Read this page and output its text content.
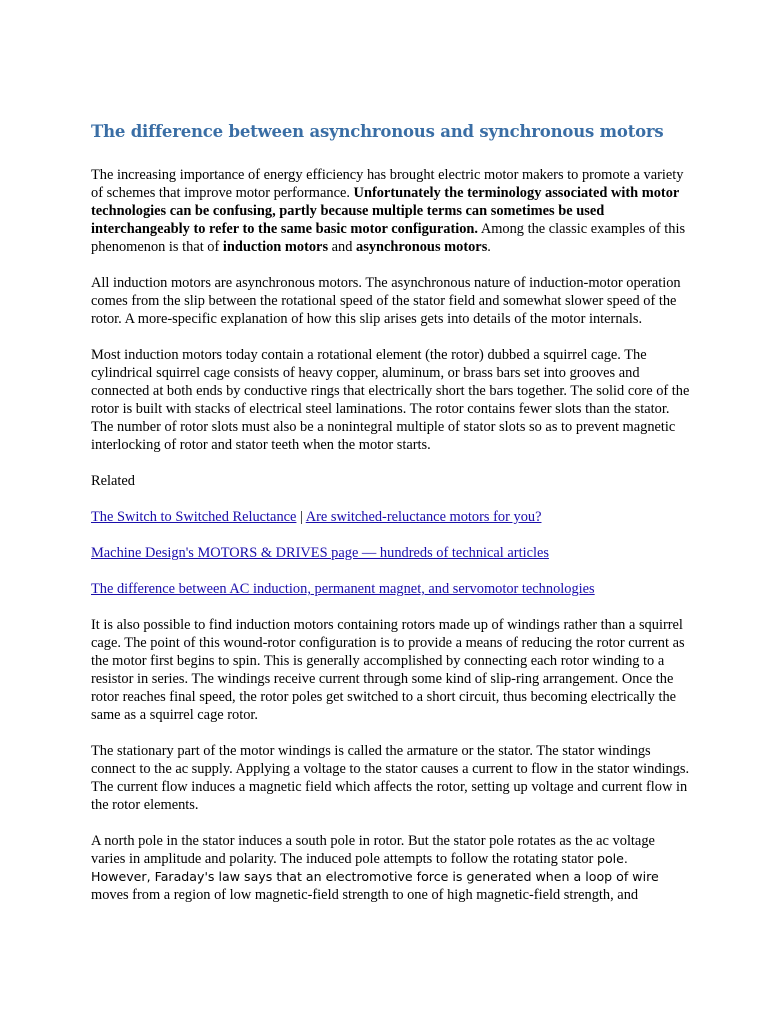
The difference between asynchronous and synchronous motors

The increasing importance of energy efficiency has brought electric motor makers to promote a variety of schemes that improve motor performance. Unfortunately the terminology associated with motor technologies can be confusing, partly because multiple terms can sometimes be used interchangeably to refer to the same basic motor configuration. Among the classic examples of this phenomenon is that of induction motors and asynchronous motors.

All induction motors are asynchronous motors. The asynchronous nature of induction-motor operation comes from the slip between the rotational speed of the stator field and somewhat slower speed of the rotor. A more-specific explanation of how this slip arises gets into details of the motor internals.

Most induction motors today contain a rotational element (the rotor) dubbed a squirrel cage. The cylindrical squirrel cage consists of heavy copper, aluminum, or brass bars set into grooves and connected at both ends by conductive rings that electrically short the bars together. The solid core of the rotor is built with stacks of electrical steel laminations. The rotor contains fewer slots than the stator. The number of rotor slots must also be a nonintegral multiple of stator slots so as to prevent magnetic interlocking of rotor and stator teeth when the motor starts.

Related

The Switch to Switched Reluctance | Are switched-reluctance motors for you?

Machine Design's MOTORS & DRIVES page — hundreds of technical articles

The difference between AC induction, permanent magnet, and servomotor technologies

It is also possible to find induction motors containing rotors made up of windings rather than a squirrel cage. The point of this wound-rotor configuration is to provide a means of reducing the rotor current as the motor first begins to spin. This is generally accomplished by connecting each rotor winding to a resistor in series. The windings receive current through some kind of slip-ring arrangement. Once the rotor reaches final speed, the rotor poles get switched to a short circuit, thus becoming electrically the same as a squirrel cage rotor.

The stationary part of the motor windings is called the armature or the stator. The stator windings connect to the ac supply. Applying a voltage to the stator causes a current to flow in the stator windings. The current flow induces a magnetic field which affects the rotor, setting up voltage and current flow in the rotor elements.

A north pole in the stator induces a south pole in rotor. But the stator pole rotates as the ac voltage varies in amplitude and polarity. The induced pole attempts to follow the rotating stator pole. However, Faraday's law says that an electromotive force is generated when a loop of wire moves from a region of low magnetic-field strength to one of high magnetic-field strength, and
